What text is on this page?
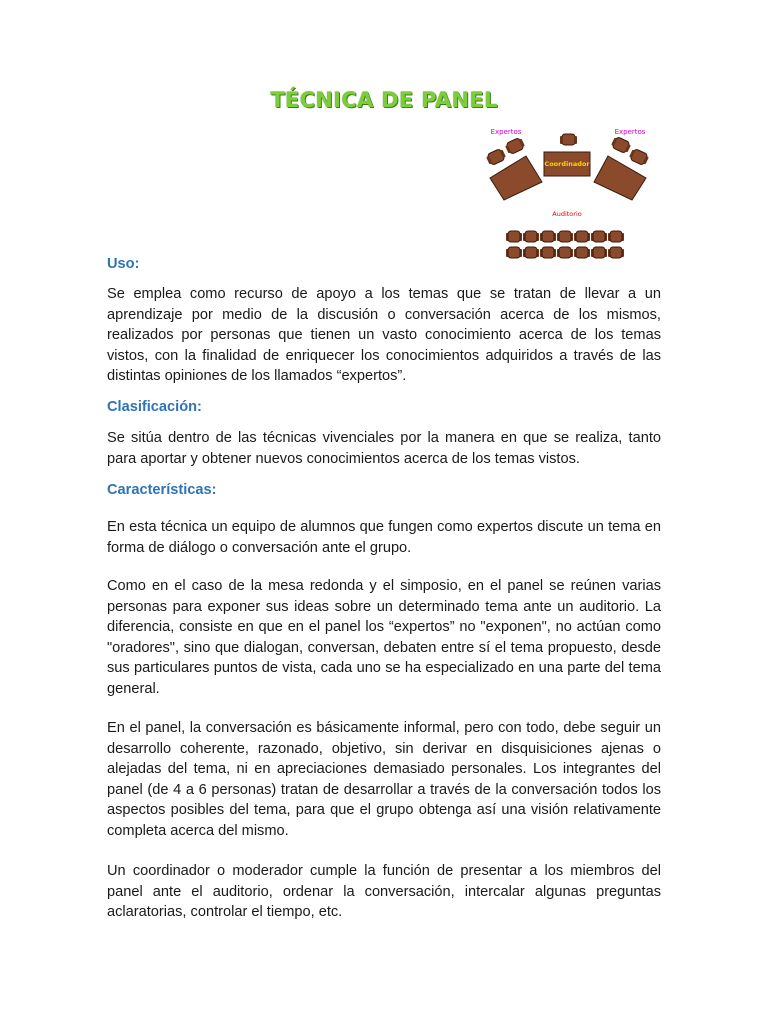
TÉCNICA DE PANEL
Expertos	Expertos
Coordinador
Auditorio
Uso:

Se emplea como recurso de apoyo a los temas que se tratan de llevar a un aprendizaje por medio de la discusión o conversación acerca de los mismos, realizados por personas que tienen un vasto conocimiento acerca de los temas vistos, con la finalidad de enriquecer los conocimientos adquiridos a través de las distintas opiniones de los llamados “expertos”.

Clasificación:

Se sitúa dentro de las técnicas vivenciales por la manera en que se realiza, tanto para aportar y obtener nuevos conocimientos acerca de los temas vistos.

Características:

En esta técnica un equipo de alumnos que fungen como expertos discute un tema en forma de diálogo o conversación ante el grupo.

Como en el caso de la mesa redonda y el simposio, en el panel se reúnen varias personas para exponer sus ideas sobre un determinado tema ante un auditorio. La diferencia, consiste en que en el panel los “expertos” no "exponen", no actúan como "oradores", sino que dialogan, conversan, debaten entre sí el tema propuesto, desde sus particulares puntos de vista, cada uno se ha especializado en una parte del tema general.

En el panel, la conversación es básicamente informal, pero con todo, debe seguir un desarrollo coherente, razonado, objetivo, sin derivar en disquisiciones ajenas o alejadas del tema, ni en apreciaciones demasiado personales. Los integrantes del panel (de 4 a 6 personas) tratan de desarrollar a través de la conversación todos los aspectos posibles del tema, para que el grupo obtenga así una visión relativamente completa acerca del mismo.

Un coordinador o moderador cumple la función de presentar a los miembros del panel ante el auditorio, ordenar la conversación, intercalar algunas preguntas aclaratorias, controlar el tiempo, etc.
